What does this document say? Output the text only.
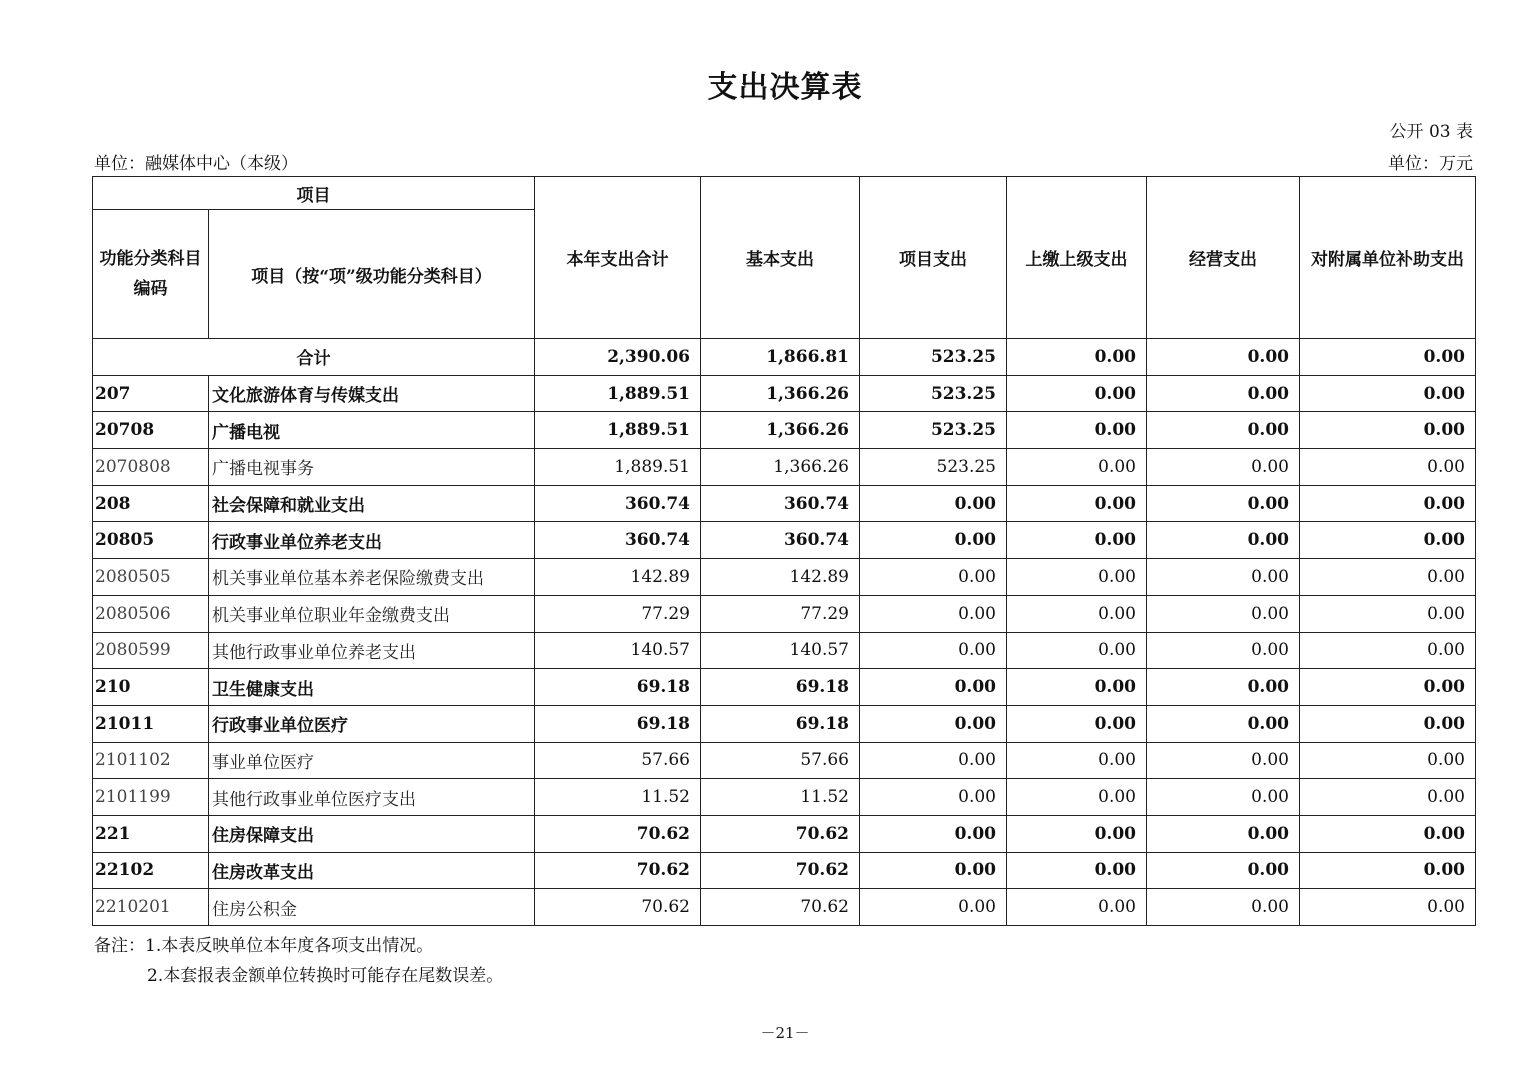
支出决算表
公开 03 表
单位：融媒体中心（本级）	单位：万元
项目		本年支出合计	基本支出	项目支出	上缴上级支出	经营支出	对附属单位补助支出

功能分类科目
编码	项目（按“项”级功能分类科目）						
合计		2,390.06	1,866.81	523.25	0.00	0.00	0.00
207	文化旅游体育与传媒支出	1,889.51	1,366.26	523.25	0.00	0.00	0.00
20708	广播电视	1,889.51	1,366.26	523.25	0.00	0.00	0.00
2070808	广播电视事务	1,889.51	1,366.26	523.25	0.00	0.00	0.00
208	社会保障和就业支出	360.74	360.74	0.00	0.00	0.00	0.00
20805	行政事业单位养老支出	360.74	360.74	0.00	0.00	0.00	0.00
2080505	机关事业单位基本养老保险缴费支出	142.89	142.89	0.00	0.00	0.00	0.00
2080506	机关事业单位职业年金缴费支出	77.29	77.29	0.00	0.00	0.00	0.00
2080599	其他行政事业单位养老支出	140.57	140.57	0.00	0.00	0.00	0.00
210	卫生健康支出	69.18	69.18	0.00	0.00	0.00	0.00
21011	行政事业单位医疗	69.18	69.18	0.00	0.00	0.00	0.00
2101102	事业单位医疗	57.66	57.66	0.00	0.00	0.00	0.00
2101199	其他行政事业单位医疗支出	11.52	11.52	0.00	0.00	0.00	0.00
221	住房保障支出	70.62	70.62	0.00	0.00	0.00	0.00
22102	住房改革支出	70.62	70.62	0.00	0.00	0.00	0.00
2210201	住房公积金	70.62	70.62	0.00	0.00	0.00	0.00
备注：1.本表反映单位本年度各项支出情况。
2.本套报表金额单位转换时可能存在尾数误差。
－21－
